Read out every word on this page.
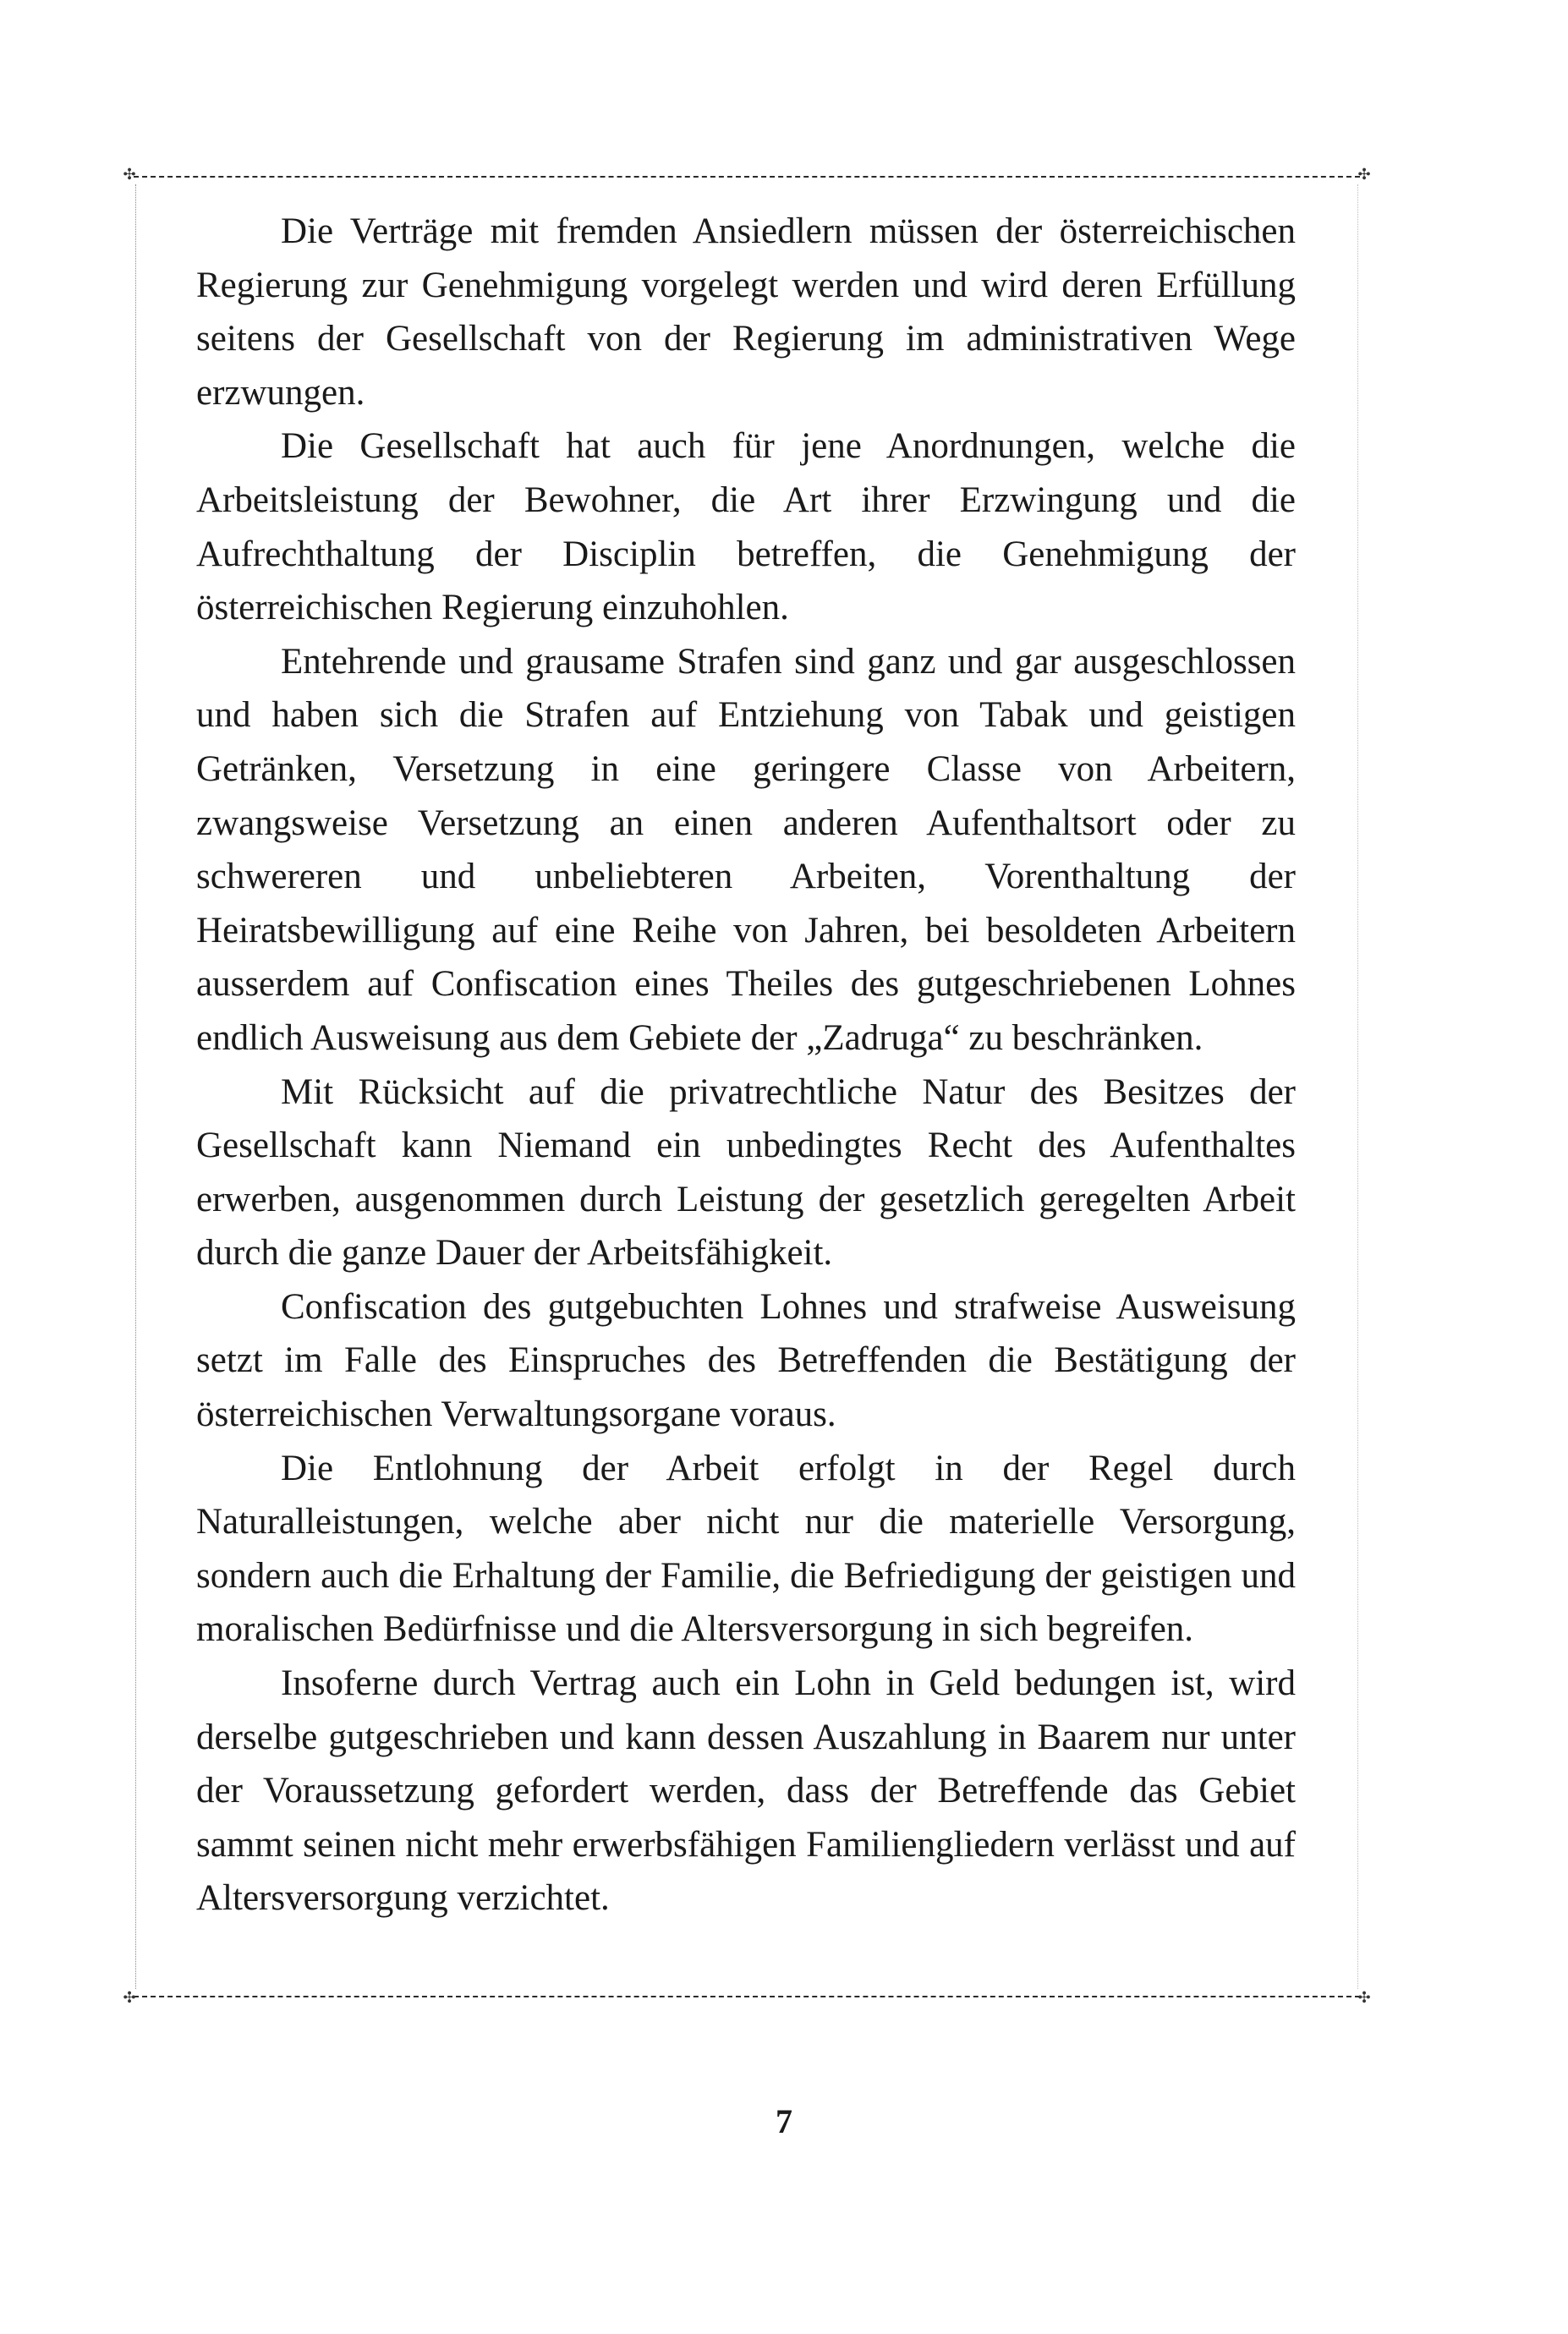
✣	✣
✣	✣

Die Verträge mit fremden Ansiedlern müssen der österreichischen Regierung zur Genehmigung vorgelegt werden und wird deren Erfüllung seitens der Gesellschaft von der Regierung im administrativen Wege erzwungen.

Die Gesellschaft hat auch für jene Anordnungen, welche die Arbeitsleistung der Bewohner, die Art ihrer Erzwingung und die Aufrechthaltung der Disciplin betreffen, die Genehmigung der österreichischen Regierung einzuhohlen.

Entehrende und grausame Strafen sind ganz und gar ausgeschlossen und haben sich die Strafen auf Entziehung von Tabak und geistigen Getränken, Versetzung in eine geringere Classe von Arbeitern, zwangsweise Versetzung an einen anderen Aufenthaltsort oder zu schwereren und unbeliebteren Arbeiten, Vorenthaltung der Heiratsbewilligung auf eine Reihe von Jahren, bei besoldeten Arbeitern ausserdem auf Confiscation eines Theiles des gutgeschriebenen Lohnes endlich Ausweisung aus dem Gebiete der „Zadruga“ zu beschränken.

Mit Rücksicht auf die privatrechtliche Natur des Besitzes der Gesellschaft kann Niemand ein unbedingtes Recht des Aufenthaltes erwerben, ausgenommen durch Leistung der gesetzlich geregelten Arbeit durch die ganze Dauer der Arbeitsfähigkeit.

Confiscation des gutgebuchten Lohnes und strafweise Ausweisung setzt im Falle des Einspruches des Betreffenden die Bestätigung der österreichischen Verwaltungsorgane voraus.

Die Entlohnung der Arbeit erfolgt in der Regel durch Naturalleistungen, welche aber nicht nur die materielle Versorgung, sondern auch die Erhaltung der Familie, die Befriedigung der geistigen und moralischen Bedürfnisse und die Altersversorgung in sich begreifen.

Insoferne durch Vertrag auch ein Lohn in Geld bedungen ist, wird derselbe gutgeschrieben und kann dessen Auszahlung in Baarem nur unter der Voraussetzung gefordert werden, dass der Betreffende das Gebiet sammt seinen nicht mehr erwerbsfähigen Familiengliedern verlässt und auf Altersversorgung verzichtet.

7
